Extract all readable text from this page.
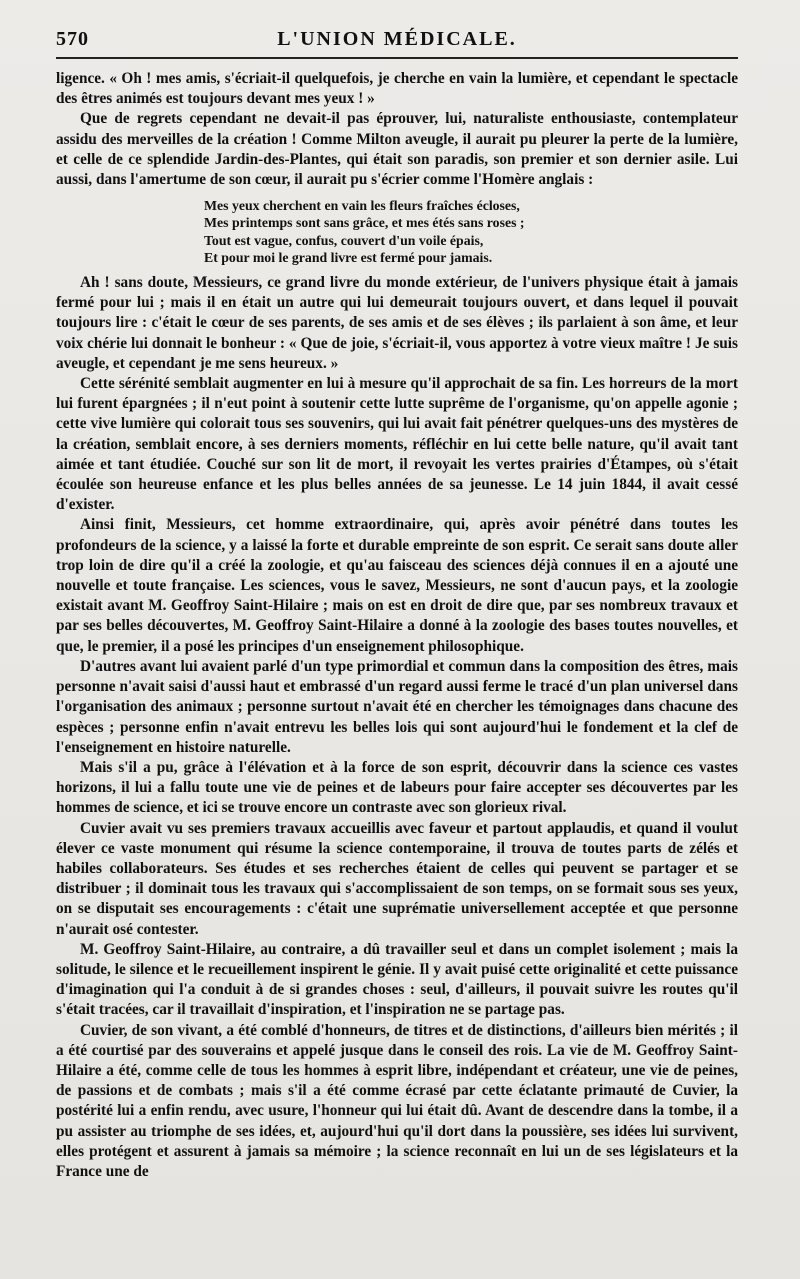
570	L'UNION MÉDICALE.

ligence. « Oh ! mes amis, s'écriait-il quelquefois, je cherche en vain la lumière, et cependant le spectacle des êtres animés est toujours devant mes yeux ! »

Que de regrets cependant ne devait-il pas éprouver, lui, naturaliste enthousiaste, contemplateur assidu des merveilles de la création ! Comme Milton aveugle, il aurait pu pleurer la perte de la lumière, et celle de ce splendide Jardin-des-Plantes, qui était son paradis, son premier et son dernier asile. Lui aussi, dans l'amertume de son cœur, il aurait pu s'écrier comme l'Homère anglais :

Mes yeux cherchent en vain les fleurs fraîches écloses,
Mes printemps sont sans grâce, et mes étés sans roses ;
Tout est vague, confus, couvert d'un voile épais,
Et pour moi le grand livre est fermé pour jamais.

Ah ! sans doute, Messieurs, ce grand livre du monde extérieur, de l'univers physique était à jamais fermé pour lui ; mais il en était un autre qui lui demeurait toujours ouvert, et dans lequel il pouvait toujours lire : c'était le cœur de ses parents, de ses amis et de ses élèves ; ils parlaient à son âme, et leur voix chérie lui donnait le bonheur : « Que de joie, s'écriait-il, vous apportez à votre vieux maître ! Je suis aveugle, et cependant je me sens heureux. »

Cette sérénité semblait augmenter en lui à mesure qu'il approchait de sa fin. Les horreurs de la mort lui furent épargnées ; il n'eut point à soutenir cette lutte suprême de l'organisme, qu'on appelle agonie ; cette vive lumière qui colorait tous ses souvenirs, qui lui avait fait pénétrer quelques-uns des mystères de la création, semblait encore, à ses derniers moments, réfléchir en lui cette belle nature, qu'il avait tant aimée et tant étudiée. Couché sur son lit de mort, il revoyait les vertes prairies d'Étampes, où s'était écoulée son heureuse enfance et les plus belles années de sa jeunesse. Le 14 juin 1844, il avait cessé d'exister.

Ainsi finit, Messieurs, cet homme extraordinaire, qui, après avoir pénétré dans toutes les profondeurs de la science, y a laissé la forte et durable empreinte de son esprit. Ce serait sans doute aller trop loin de dire qu'il a créé la zoologie, et qu'au faisceau des sciences déjà connues il en a ajouté une nouvelle et toute française. Les sciences, vous le savez, Messieurs, ne sont d'aucun pays, et la zoologie existait avant M. Geoffroy Saint-Hilaire ; mais on est en droit de dire que, par ses nombreux travaux et par ses belles découvertes, M. Geoffroy Saint-Hilaire a donné à la zoologie des bases toutes nouvelles, et que, le premier, il a posé les principes d'un enseignement philosophique.

D'autres avant lui avaient parlé d'un type primordial et commun dans la composition des êtres, mais personne n'avait saisi d'aussi haut et embrassé d'un regard aussi ferme le tracé d'un plan universel dans l'organisation des animaux ; personne surtout n'avait été en chercher les témoignages dans chacune des espèces ; personne enfin n'avait entrevu les belles lois qui sont aujourd'hui le fondement et la clef de l'enseignement en histoire naturelle.

Mais s'il a pu, grâce à l'élévation et à la force de son esprit, découvrir dans la science ces vastes horizons, il lui a fallu toute une vie de peines et de labeurs pour faire accepter ses découvertes par les hommes de science, et ici se trouve encore un contraste avec son glorieux rival.

Cuvier avait vu ses premiers travaux accueillis avec faveur et partout applaudis, et quand il voulut élever ce vaste monument qui résume la science contemporaine, il trouva de toutes parts de zélés et habiles collaborateurs. Ses études et ses recherches étaient de celles qui peuvent se partager et se distribuer ; il dominait tous les travaux qui s'accomplissaient de son temps, on se formait sous ses yeux, on se disputait ses encouragements : c'était une suprématie universellement acceptée et que personne n'aurait osé contester.

M. Geoffroy Saint-Hilaire, au contraire, a dû travailler seul et dans un complet isolement ; mais la solitude, le silence et le recueillement inspirent le génie. Il y avait puisé cette originalité et cette puissance d'imagination qui l'a conduit à de si grandes choses : seul, d'ailleurs, il pouvait suivre les routes qu'il s'était tracées, car il travaillait d'inspiration, et l'inspiration ne se partage pas.

Cuvier, de son vivant, a été comblé d'honneurs, de titres et de distinctions, d'ailleurs bien mérités ; il a été courtisé par des souverains et appelé jusque dans le conseil des rois. La vie de M. Geoffroy Saint-Hilaire a été, comme celle de tous les hommes à esprit libre, indépendant et créateur, une vie de peines, de passions et de combats ; mais s'il a été comme écrasé par cette éclatante primauté de Cuvier, la postérité lui a enfin rendu, avec usure, l'honneur qui lui était dû. Avant de descendre dans la tombe, il a pu assister au triomphe de ses idées, et, aujourd'hui qu'il dort dans la poussière, ses idées lui survivent, elles protégent et assurent à jamais sa mémoire ; la science reconnaît en lui un de ses législateurs et la France une de
